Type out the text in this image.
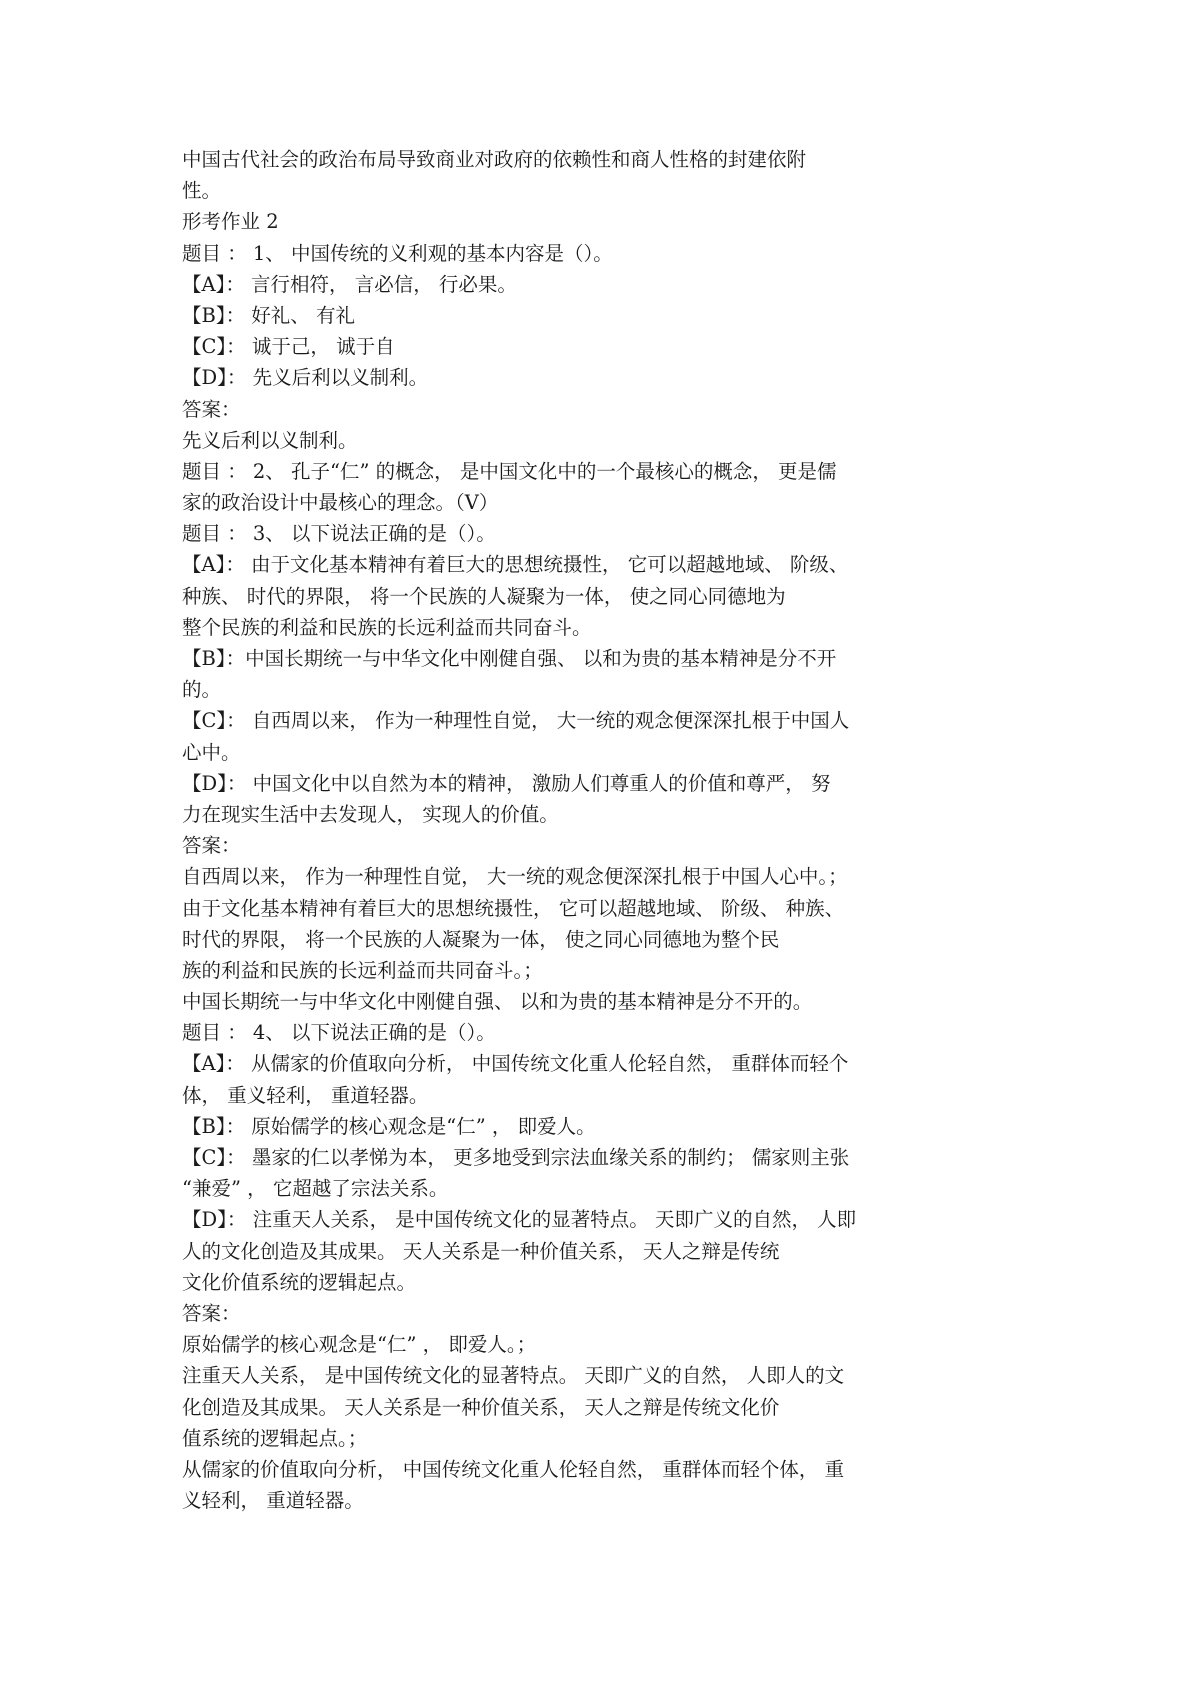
中国古代社会的政治布局导致商业对政府的依赖性和商人性格的封建依附
性。
形考作业 2
题目 ： 1、 中国传统的义利观的基本内容是（）。
【A】： 言行相符， 言必信， 行必果。
【B】： 好礼、 有礼
【C】： 诚于己， 诚于自
【D】： 先义后利以义制利。
答案：
先义后利以义制利。
题目 ： 2、 孔子“仁” 的概念， 是中国文化中的一个最核心的概念， 更是儒
家的政治设计中最核心的理念。（V）
题目 ： 3、 以下说法正确的是（）。
【A】： 由于文化基本精神有着巨大的思想统摄性， 它可以超越地域、 阶级、
种族、 时代的界限， 将一个民族的人凝聚为一体， 使之同心同德地为
整个民族的利益和民族的长远利益而共同奋斗。
【B】：中国长期统一与中华文化中刚健自强、 以和为贵的基本精神是分不开
的。
【C】： 自西周以来， 作为一种理性自觉， 大一统的观念便深深扎根于中国人
心中。
【D】： 中国文化中以自然为本的精神， 激励人们尊重人的价值和尊严， 努
力在现实生活中去发现人， 实现人的价值。
答案：
自西周以来， 作为一种理性自觉， 大一统的观念便深深扎根于中国人心中。；
由于文化基本精神有着巨大的思想统摄性， 它可以超越地域、 阶级、 种族、
时代的界限， 将一个民族的人凝聚为一体， 使之同心同德地为整个民
族的利益和民族的长远利益而共同奋斗。；
中国长期统一与中华文化中刚健自强、 以和为贵的基本精神是分不开的。
题目 ： 4、 以下说法正确的是（）。
【A】： 从儒家的价值取向分析， 中国传统文化重人伦轻自然， 重群体而轻个
体， 重义轻利， 重道轻器。
【B】： 原始儒学的核心观念是“仁” ， 即爱人。
【C】： 墨家的仁以孝悌为本， 更多地受到宗法血缘关系的制约； 儒家则主张
“兼爱” ， 它超越了宗法关系。
【D】： 注重天人关系， 是中国传统文化的显著特点。 天即广义的自然， 人即
人的文化创造及其成果。 天人关系是一种价值关系， 天人之辩是传统
文化价值系统的逻辑起点。
答案：
原始儒学的核心观念是“仁” ， 即爱人。；
注重天人关系， 是中国传统文化的显著特点。 天即广义的自然， 人即人的文
化创造及其成果。 天人关系是一种价值关系， 天人之辩是传统文化价
值系统的逻辑起点。；
从儒家的价值取向分析， 中国传统文化重人伦轻自然， 重群体而轻个体， 重
义轻利， 重道轻器。
